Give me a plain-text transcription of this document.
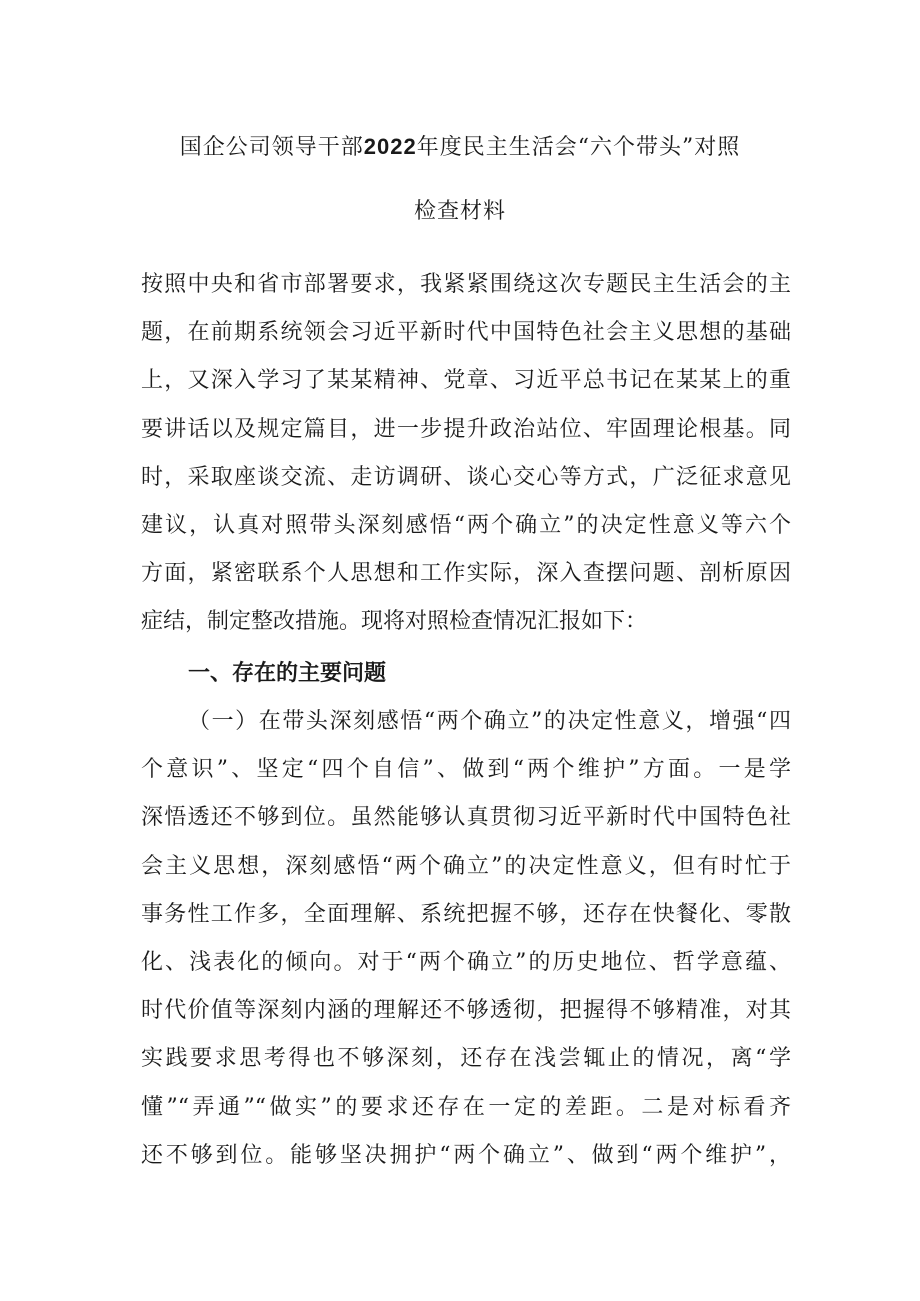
国企公司领导干部2022年度民主生活会“六个带头”对照
检查材料
按照中央和省市部署要求，我紧紧围绕这次专题民主生活会的主
题，在前期系统领会习近平新时代中国特色社会主义思想的基础
上，又深入学习了某某精神、党章、习近平总书记在某某上的重
要讲话以及规定篇目，进一步提升政治站位、牢固理论根基。同
时，采取座谈交流、走访调研、谈心交心等方式，广泛征求意见
建议，认真对照带头深刻感悟“两个确立”的决定性意义等六个
方面，紧密联系个人思想和工作实际，深入查摆问题、剖析原因
症结，制定整改措施。现将对照检查情况汇报如下：
一、存在的主要问题
（一）在带头深刻感悟“两个确立”的决定性意义，增强“四
个意识”、坚定“四个自信”、做到“两个维护”方面。一是学
深悟透还不够到位。虽然能够认真贯彻习近平新时代中国特色社
会主义思想，深刻感悟“两个确立”的决定性意义，但有时忙于
事务性工作多，全面理解、系统把握不够，还存在快餐化、零散
化、浅表化的倾向。对于“两个确立”的历史地位、哲学意蕴、
时代价值等深刻内涵的理解还不够透彻，把握得不够精准，对其
实践要求思考得也不够深刻，还存在浅尝辄止的情况，离“学
懂”“弄通”“做实”的要求还存在一定的差距。二是对标看齐
还不够到位。能够坚决拥护“两个确立”、做到“两个维护”，
